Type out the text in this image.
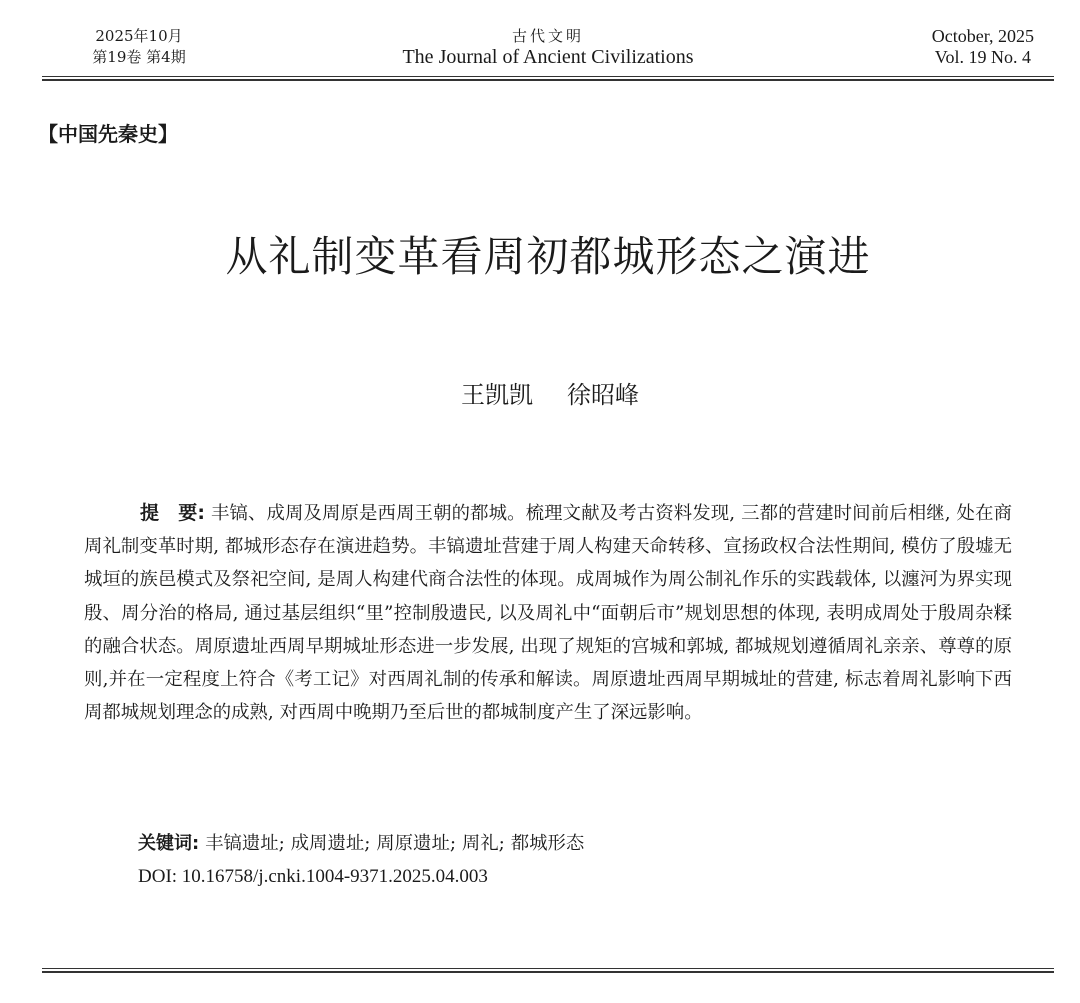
2025年10月
第19卷 第4期
古代文明
The Journal of Ancient Civilizations
October, 2025
Vol. 19 No. 4
【中国先秦史】
从礼制变革看周初都城形态之演进
王凯凯 徐昭峰
提　要: 丰镐、成周及周原是西周王朝的都城。梳理文献及考古资料发现, 三都的营建时间前后相继, 处在商周礼制变革时期, 都城形态存在演进趋势。丰镐遗址营建于周人构建天命转移、宣扬政权合法性期间, 模仿了殷墟无城垣的族邑模式及祭祀空间, 是周人构建代商合法性的体现。成周城作为周公制礼作乐的实践载体, 以瀍河为界实现殷、周分治的格局, 通过基层组织“里”控制殷遗民, 以及周礼中“面朝后市”规划思想的体现, 表明成周处于殷周杂糅的融合状态。周原遗址西周早期城址形态进一步发展, 出现了规矩的宫城和郭城, 都城规划遵循周礼亲亲、尊尊的原则,并在一定程度上符合《考工记》对西周礼制的传承和解读。周原遗址西周早期城址的营建, 标志着周礼影响下西周都城规划理念的成熟, 对西周中晚期乃至后世的都城制度产生了深远影响。
关键词: 丰镐遗址; 成周遗址; 周原遗址; 周礼; 都城形态
DOI: 10.16758/j.cnki.1004-9371.2025.04.003
